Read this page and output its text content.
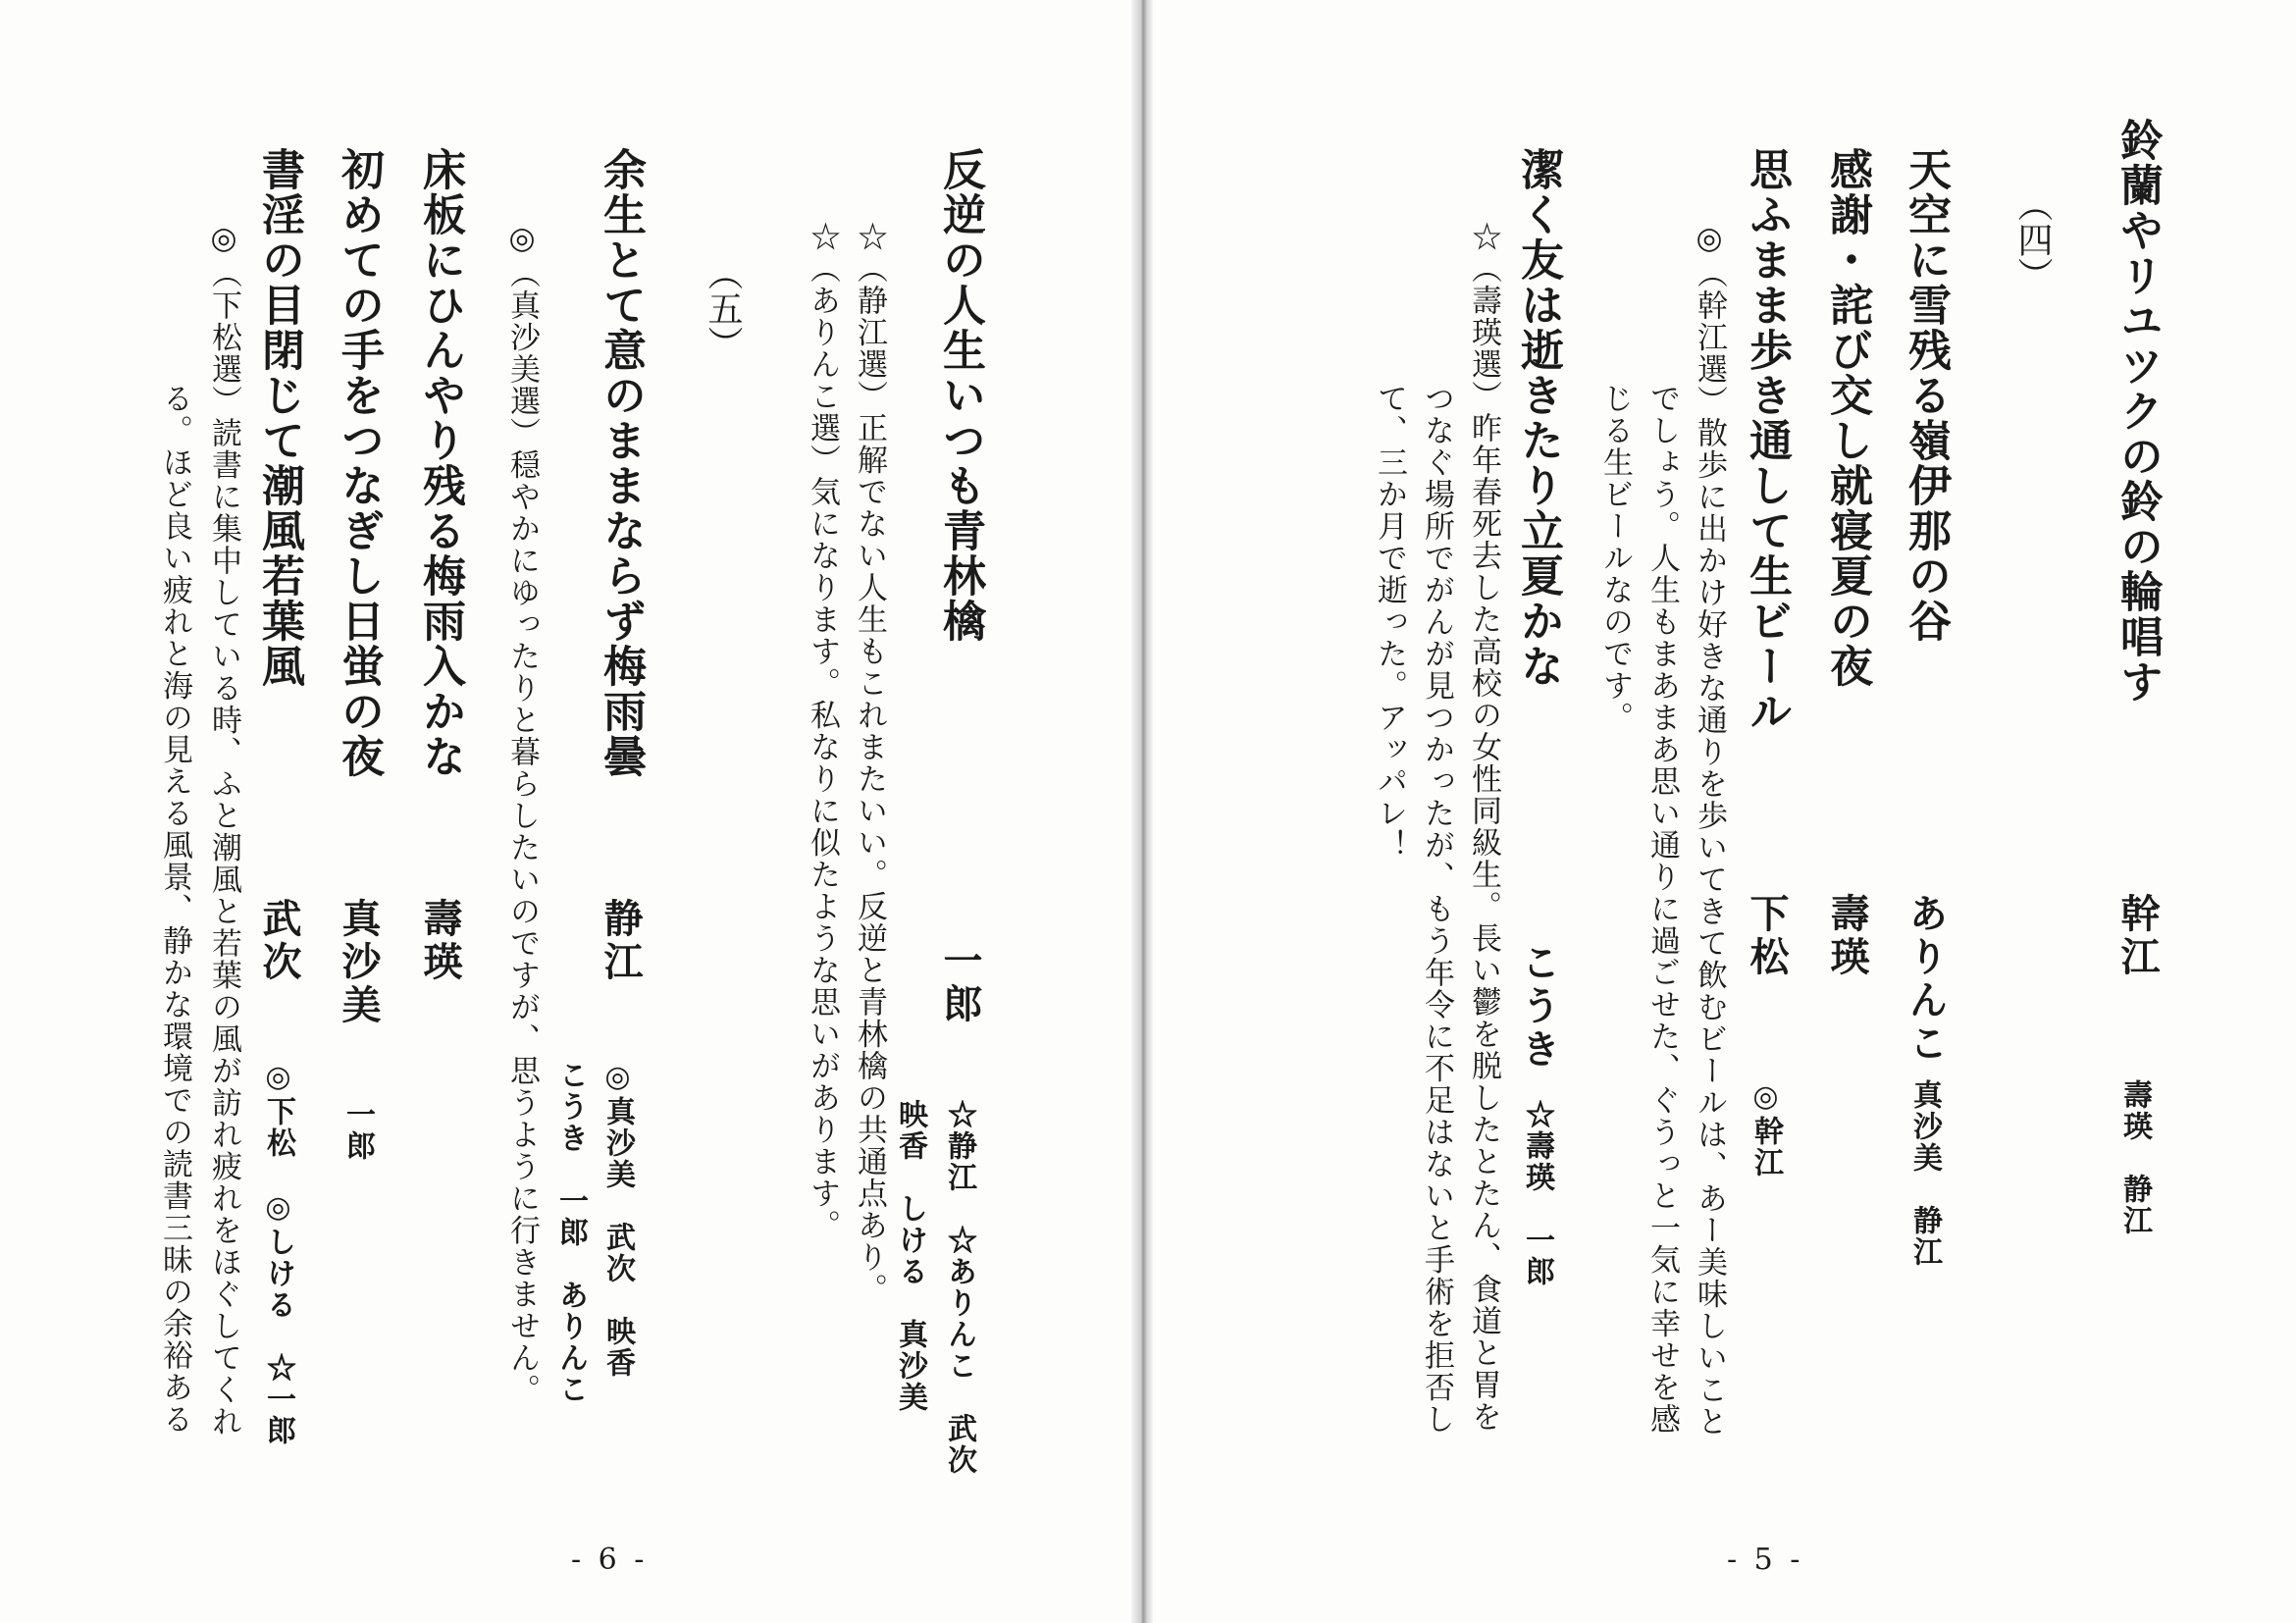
反逆の人生いつも青林檎
一郎
☆静江　☆ありんこ　武次
映香　しける　真沙美
☆（静江選）正解でない人生もこれまたいい。反逆と青林檎の共通点あり。
☆（ありんこ選）気になります。私なりに似たような思いがあります。
（五）
余生とて意のままならず梅雨曇
静江
◎真沙美　武次　映香
こうき　一郎　ありんこ
◎（真沙美選）穏やかにゆったりと暮らしたいのですが、思うように行きません。
床板にひんやり残る梅雨入かな
壽瑛
初めての手をつなぎし日蛍の夜
真沙美
一郎
書淫の目閉じて潮風若葉風
武次
◎下松　◎しける　☆一郎
◎（下松選）読書に集中している時、ふと潮風と若葉の風が訪れ疲れをほぐしてくれ
る。ほど良い疲れと海の見える風景、静かな環境での読書三昧の余裕ある
- 6 -
鈴蘭やリユツクの鈴の輪唱す
幹江
壽瑛　静江
（四）
天空に雪残る嶺伊那の谷
ありんこ
真沙美　静江
感謝・詫び交し就寝夏の夜
壽瑛
思ふまま歩き通して生ビール
下松
◎幹江
◎（幹江選）散歩に出かけ好きな通りを歩いてきて飲むビールは、あー美味しいこと
でしょう。人生もまあまあ思い通りに過ごせた、ぐうっと一気に幸せを感
じる生ビールなのです。
潔く友は逝きたり立夏かな
こうき
☆壽瑛　一郎
☆（壽瑛選）昨年春死去した高校の女性同級生。長い鬱を脱したとたん、食道と胃を
つなぐ場所でがんが見つかったが、もう年令に不足はないと手術を拒否し
て、三か月で逝った。アッパレ！
- 5 -
